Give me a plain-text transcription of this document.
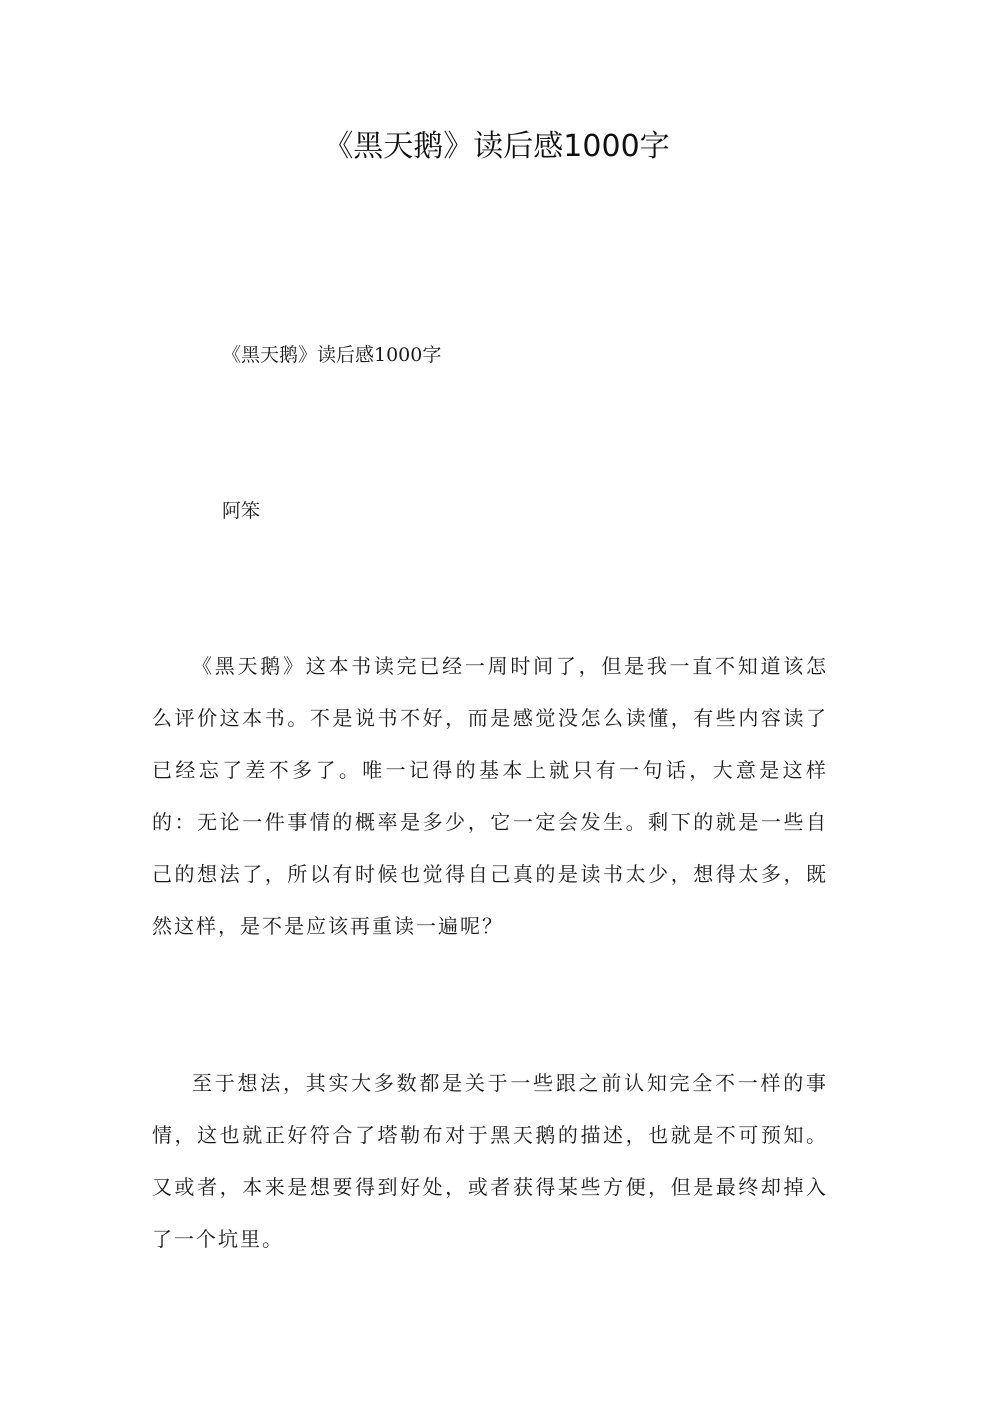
《黑天鹅》读后感1000字

《黑天鹅》读后感1000字

阿笨

《黑天鹅》这本书读完已经一周时间了，但是我一直不知道该怎么评价这本书。不是说书不好，而是感觉没怎么读懂，有些内容读了已经忘了差不多了。唯一记得的基本上就只有一句话，大意是这样的：无论一件事情的概率是多少，它一定会发生。剩下的就是一些自己的想法了，所以有时候也觉得自己真的是读书太少，想得太多，既然这样，是不是应该再重读一遍呢？

至于想法，其实大多数都是关于一些跟之前认知完全不一样的事情，这也就正好符合了塔勒布对于黑天鹅的描述，也就是不可预知。又或者，本来是想要得到好处，或者获得某些方便，但是最终却掉入了一个坑里。
